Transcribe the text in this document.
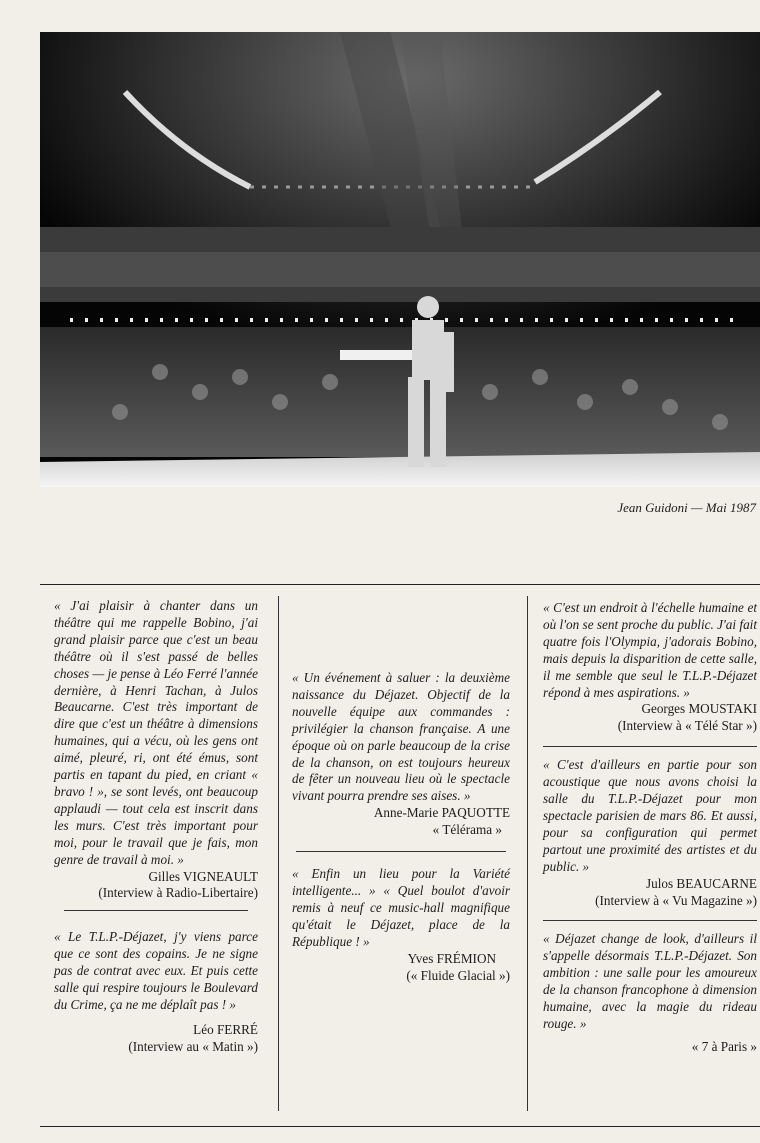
Jean Guidoni — Mai 1987
« J'ai plaisir à chanter dans un théâtre qui me rappelle Bobino, j'ai grand plaisir parce que c'est un beau théâtre où il s'est passé de belles choses — je pense à Léo Ferré l'année dernière, à Henri Tachan, à Julos Beaucarne. C'est très important de dire que c'est un théâtre à dimensions humaines, qui a vécu, où les gens ont aimé, pleuré, ri, ont été émus, sont partis en tapant du pied, en criant « bravo ! », se sont levés, ont beaucoup applaudi — tout cela est inscrit dans les murs. C'est très important pour moi, pour le travail que je fais, mon genre de travail à moi. »
Gilles VIGNEAULT
(Interview à Radio-Libertaire)
« Le T.L.P.-Déjazet, j'y viens parce que ce sont des copains. Je ne signe pas de contrat avec eux. Et puis cette salle qui respire toujours le Boulevard du Crime, ça ne me déplaît pas ! »
Léo FERRÉ
(Interview au « Matin »)
« Un événement à saluer : la deuxième naissance du Déjazet. Objectif de la nouvelle équipe aux commandes : privilégier la chanson française. A une époque où on parle beaucoup de la crise de la chanson, on est toujours heureux de fêter un nouveau lieu où le spectacle vivant pourra prendre ses aises. »
Anne-Marie PAQUOTTE
« Télérama »
« Enfin un lieu pour la Variété intelligente... » « Quel boulot d'avoir remis à neuf ce music-hall magnifique qu'était le Déjazet, place de la République ! »
Yves FRÉMION
(« Fluide Glacial »)
« C'est un endroit à l'échelle humaine et où l'on se sent proche du public. J'ai fait quatre fois l'Olympia, j'adorais Bobino, mais depuis la disparition de cette salle, il me semble que seul le T.L.P.-Déjazet répond à mes aspirations. »
Georges MOUSTAKI
(Interview à « Télé Star »)
« C'est d'ailleurs en partie pour son acoustique que nous avons choisi la salle du T.L.P.-Déjazet pour mon spectacle parisien de mars 86. Et aussi, pour sa configuration qui permet partout une proximité des artistes et du public. »
Julos BEAUCARNE
(Interview à « Vu Magazine »)
« Déjazet change de look, d'ailleurs il s'appelle désormais T.L.P.-Déjazet. Son ambition : une salle pour les amoureux de la chanson francophone à dimension humaine, avec la magie du rideau rouge. »
« 7 à Paris »
